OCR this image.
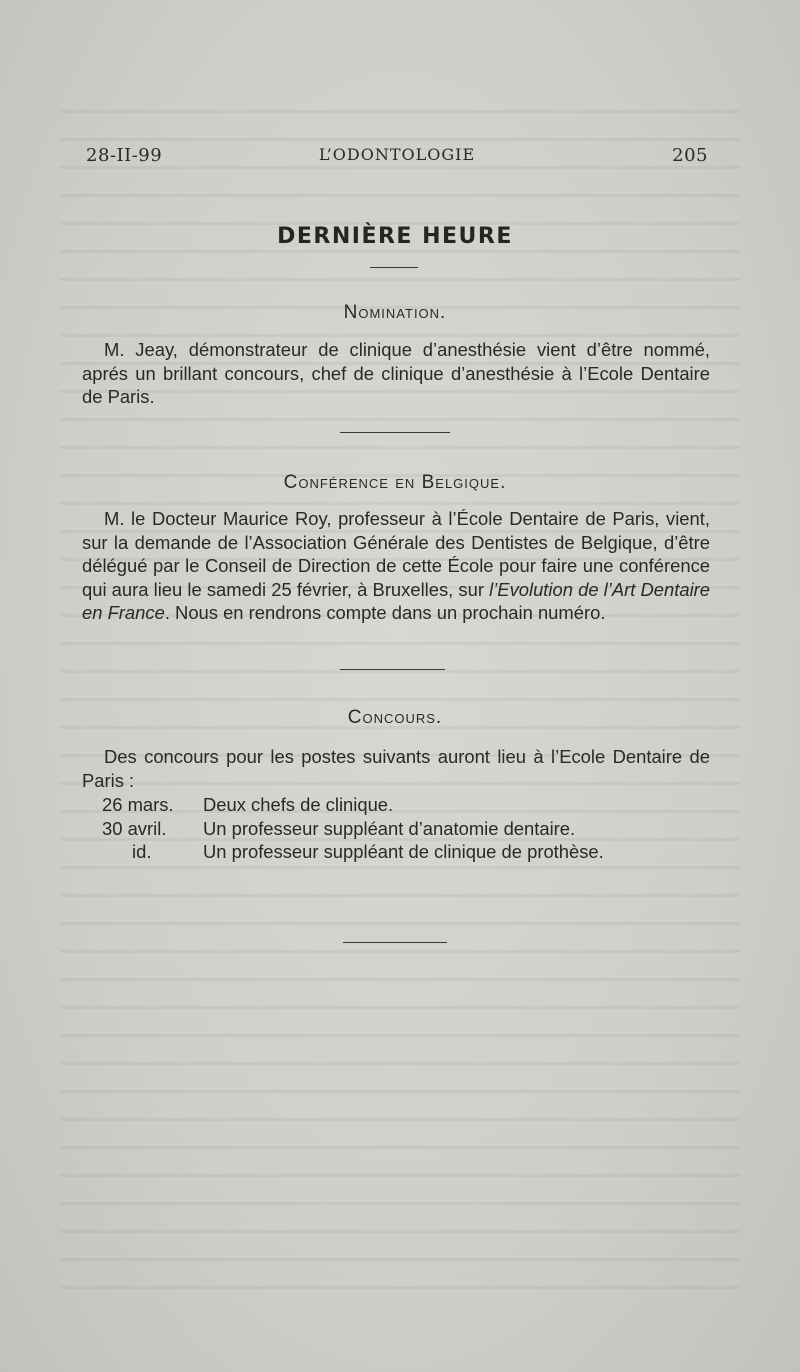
28-II-99	L’ODONTOLOGIE	205
DERNIÈRE HEURE
Nomination.
M. Jeay, démonstrateur de clinique d’anesthésie vient d’être nommé, aprés un brillant concours, chef de clinique d’anesthésie à l’Ecole Dentaire de Paris.
Conférence en Belgique.
M. le Docteur Maurice Roy, professeur à l’École Dentaire de Paris, vient, sur la demande de l’Association Générale des Dentistes de Belgique, d’être délégué par le Conseil de Direction de cette École pour faire une conférence qui aura lieu le samedi 25 février, à Bruxelles, sur l’Evolution de l’Art Dentaire en France. Nous en rendrons compte dans un prochain numéro.
Concours.
Des concours pour les postes suivants auront lieu à l’Ecole Dentaire de Paris :
26 mars.	Deux chefs de clinique.
30 avril.	Un professeur suppléant d’anatomie dentaire.
id.	Un professeur suppléant de clinique de prothèse.
